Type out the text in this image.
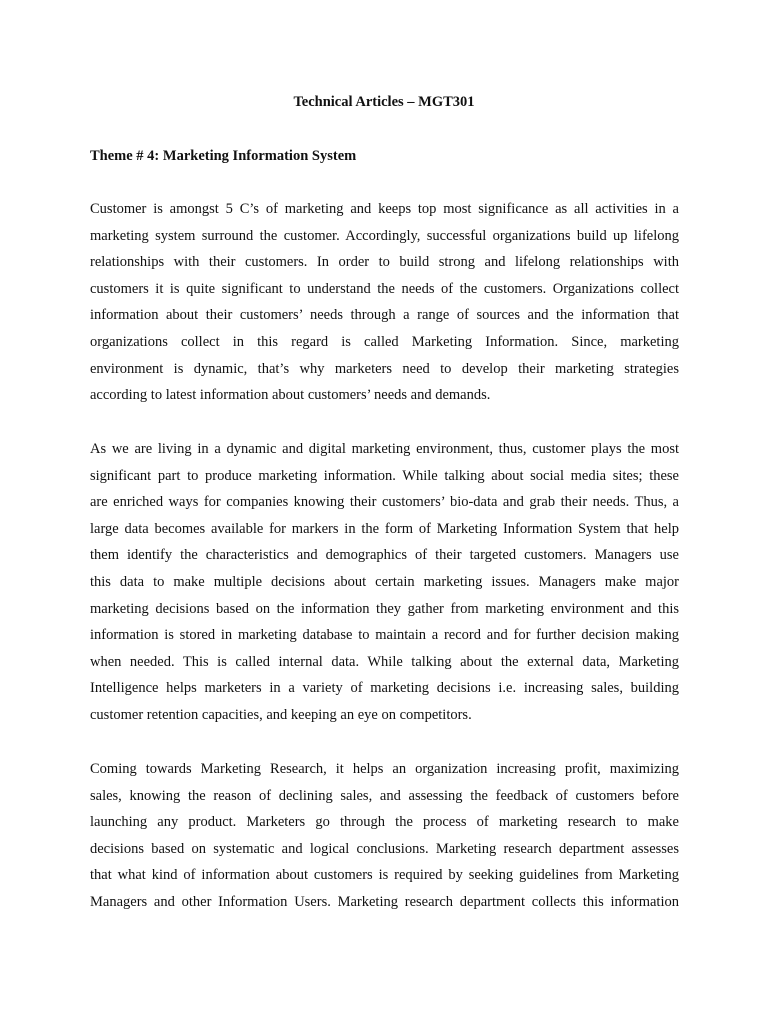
Technical Articles – MGT301
Theme # 4: Marketing Information System

Customer is amongst 5 C’s of marketing and keeps top most significance as all activities in a
marketing system surround the customer. Accordingly, successful organizations build up lifelong
relationships with their customers. In order to build strong and lifelong relationships with
customers it is quite significant to understand the needs of the customers. Organizations collect
information about their customers’ needs through a range of sources and the information that
organizations collect in this regard is called Marketing Information. Since, marketing
environment is dynamic, that’s why marketers need to develop their marketing strategies
according to latest information about customers’ needs and demands.

As we are living in a dynamic and digital marketing environment, thus, customer plays the most
significant part to produce marketing information. While talking about social media sites; these
are enriched ways for companies knowing their customers’ bio-data and grab their needs. Thus, a
large data becomes available for markers in the form of Marketing Information System that help
them identify the characteristics and demographics of their targeted customers. Managers use
this data to make multiple decisions about certain marketing issues. Managers make major
marketing decisions based on the information they gather from marketing environment and this
information is stored in marketing database to maintain a record and for further decision making
when needed. This is called internal data. While talking about the external data, Marketing
Intelligence helps marketers in a variety of marketing decisions i.e. increasing sales, building
customer retention capacities, and keeping an eye on competitors.

Coming towards Marketing Research, it helps an organization increasing profit, maximizing
sales, knowing the reason of declining sales, and assessing the feedback of customers before
launching any product. Marketers go through the process of marketing research to make
decisions based on systematic and logical conclusions. Marketing research department assesses
that what kind of information about customers is required by seeking guidelines from Marketing
Managers and other Information Users. Marketing research department collects this information
